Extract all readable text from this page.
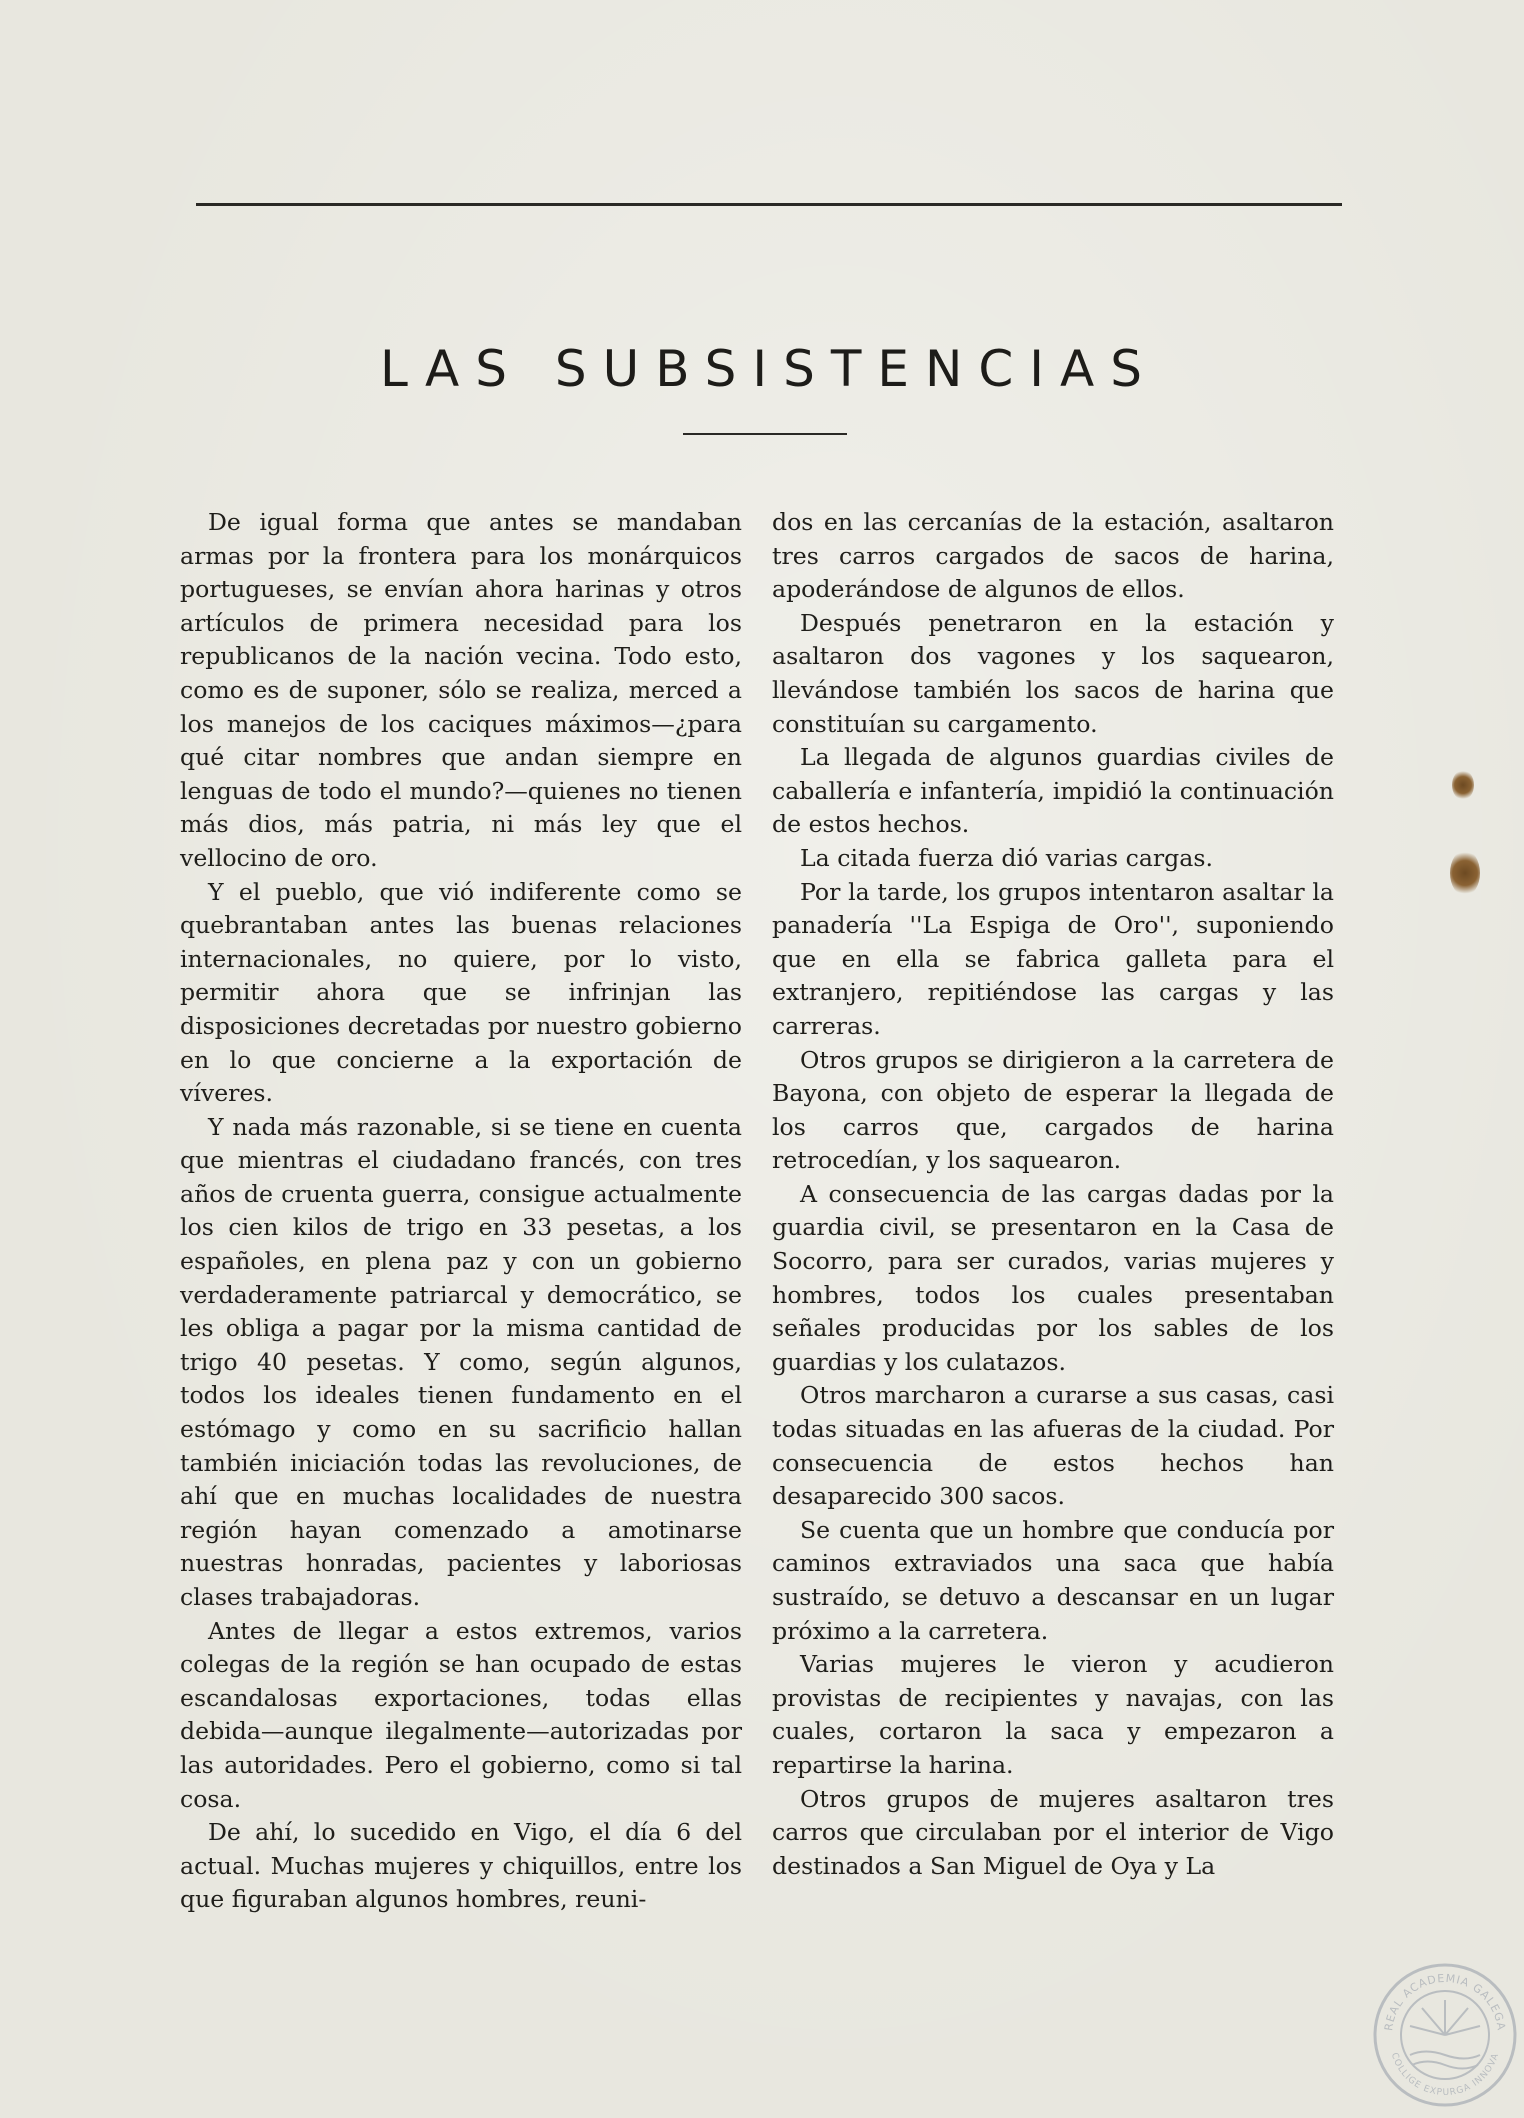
LAS SUBSISTENCIAS

De igual forma que antes se mandaban armas por la frontera para los monárquicos portugueses, se envían ahora harinas y otros artículos de primera necesidad para los republicanos de la nación vecina. Todo esto, como es de suponer, sólo se realiza, merced a los manejos de los caciques máximos—¿para qué citar nombres que andan siempre en lenguas de todo el mundo?—quienes no tienen más dios, más patria, ni más ley que el vellocino de oro.

Y el pueblo, que vió indiferente como se quebrantaban antes las buenas relaciones internacionales, no quiere, por lo visto, permitir ahora que se infrinjan las disposiciones decretadas por nuestro gobierno en lo que concierne a la exportación de víveres.

Y nada más razonable, si se tiene en cuenta que mientras el ciudadano francés, con tres años de cruenta guerra, consigue actualmente los cien kilos de trigo en 33 pesetas, a los españoles, en plena paz y con un gobierno verdaderamente patriarcal y democrático, se les obliga a pagar por la misma cantidad de trigo 40 pesetas. Y como, según algunos, todos los ideales tienen fundamento en el estómago y como en su sacrificio hallan también iniciación todas las revoluciones, de ahí que en muchas localidades de nuestra región hayan comenzado a amotinarse nuestras honradas, pacientes y laboriosas clases trabajadoras.

Antes de llegar a estos extremos, varios colegas de la región se han ocupado de estas escandalosas exportaciones, todas ellas debida—aunque ilegalmente—autorizadas por las autoridades. Pero el gobierno, como si tal cosa.

De ahí, lo sucedido en Vigo, el día 6 del actual. Muchas mujeres y chiquillos, entre los que figuraban algunos hombres, reuni-

dos en las cercanías de la estación, asaltaron tres carros cargados de sacos de harina, apoderándose de algunos de ellos.

Después penetraron en la estación y asaltaron dos vagones y los saquearon, llevándose también los sacos de harina que constituían su cargamento.

La llegada de algunos guardias civiles de caballería e infantería, impidió la continuación de estos hechos.

La citada fuerza dió varias cargas.

Por la tarde, los grupos intentaron asaltar la panadería ''La Espiga de Oro'', suponiendo que en ella se fabrica galleta para el extranjero, repitiéndose las cargas y las carreras.

Otros grupos se dirigieron a la carretera de Bayona, con objeto de esperar la llegada de los carros que, cargados de harina retrocedían, y los saquearon.

A consecuencia de las cargas dadas por la guardia civil, se presentaron en la Casa de Socorro, para ser curados, varias mujeres y hombres, todos los cuales presentaban señales producidas por los sables de los guardias y los culatazos.

Otros marcharon a curarse a sus casas, casi todas situadas en las afueras de la ciudad. Por consecuencia de estos hechos han desaparecido 300 sacos.

Se cuenta que un hombre que conducía por caminos extraviados una saca que había sustraído, se detuvo a descansar en un lugar próximo a la carretera.

Varias mujeres le vieron y acudieron provistas de recipientes y navajas, con las cuales, cortaron la saca y empezaron a repartirse la harina.

Otros grupos de mujeres asaltaron tres carros que circulaban por el interior de Vigo destinados a San Miguel de Oya y La

REAL ACADEMIA GALEGA
COLLIGE EXPURGA INNOVA
